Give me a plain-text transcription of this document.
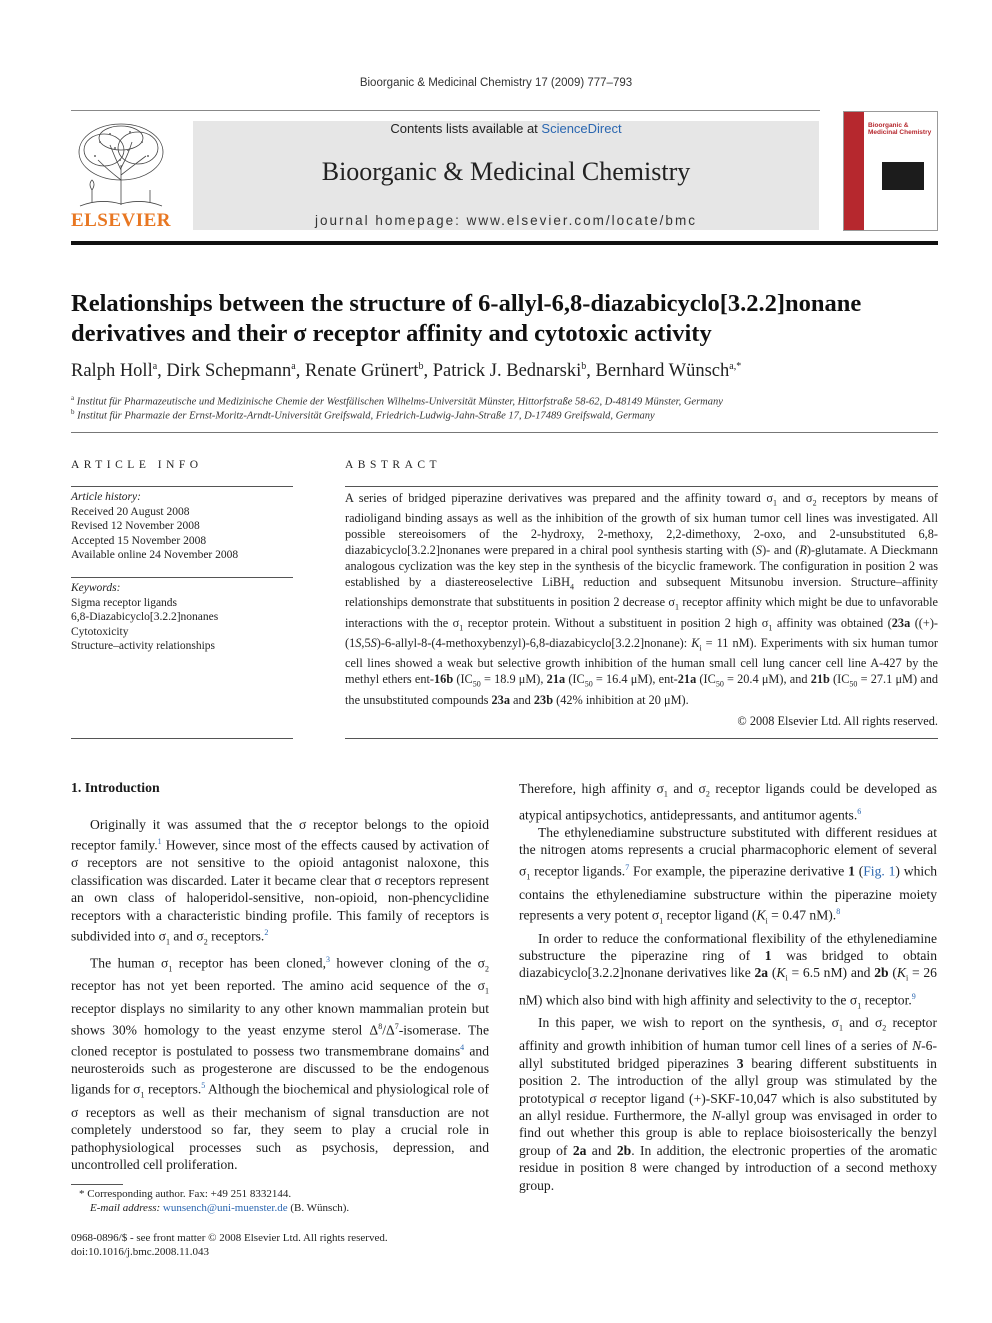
Bioorganic & Medicinal Chemistry 17 (2009) 777–793
ELSEVIER
Contents lists available at ScienceDirect
Bioorganic & Medicinal Chemistry
journal homepage: www.elsevier.com/locate/bmc
Bioorganic & Medicinal Chemistry
Relationships between the structure of 6-allyl-6,8-diazabicyclo[3.2.2]nonane derivatives and their σ receptor affinity and cytotoxic activity
Ralph Holl$^a$, Dirk Schepmann$^a$, Renate Grünert$^b$, Patrick J. Bednarski$^b$, Bernhard Wünsch$^{a,*}$
$^a$ Institut für Pharmazeutische und Medizinische Chemie der Westfälischen Wilhelms-Universität Münster, Hittorfstraße 58-62, D-48149 Münster, Germany
$^b$ Institut für Pharmazie der Ernst-Moritz-Arndt-Universität Greifswald, Friedrich-Ludwig-Jahn-Straße 17, D-17489 Greifswald, Germany
ARTICLE INFO	ABSTRACT
Article history:
Received 20 August 2008
Revised 12 November 2008
Accepted 15 November 2008
Available online 24 November 2008
Keywords:
Sigma receptor ligands
6,8-Diazabicyclo[3.2.2]nonanes
Cytotoxicity
Structure–activity relationships
A series of bridged piperazine derivatives was prepared and the affinity toward $\sigma_1$ and $\sigma_2$ receptors by means of radioligand binding assays as well as the inhibition of the growth of six human tumor cell lines was investigated. All possible stereoisomers of the 2-hydroxy, 2-methoxy, 2,2-dimethoxy, 2-oxo, and 2-unsubstituted 6,8-diazabicyclo[3.2.2]nonanes were prepared in a chiral pool synthesis starting with (S)- and (R)-glutamate. A Dieckmann analogous cyclization was the key step in the synthesis of the bicyclic framework. The configuration in position 2 was established by a diastereoselective LiBH$_4$ reduction and subsequent Mitsunobu inversion. Structure–affinity relationships demonstrate that substituents in position 2 decrease $\sigma_1$ receptor affinity which might be due to unfavorable interactions with the $\sigma_1$ receptor protein. Without a substituent in position 2 high $\sigma_1$ affinity was obtained (23a ((+)-(1S,5S)-6-allyl-8-(4-methoxybenzyl)-6,8-diazabicyclo[3.2.2]nonane): $K_i = 11$ nM). Experiments with six human tumor cell lines showed a weak but selective growth inhibition of the human small cell lung cancer cell line A-427 by the methyl ethers ent-16b ($IC_{50} = 18.9$ μM), 21a ($IC_{50} = 16.4$ μM), ent-21a ($IC_{50} = 20.4$ μM), and 21b ($IC_{50} = 27.1$ μM) and the unsubstituted compounds 23a and 23b (42% inhibition at 20 μM).
© 2008 Elsevier Ltd. All rights reserved.
1. Introduction

Originally it was assumed that the σ receptor belongs to the opioid receptor family.$^1$ However, since most of the effects caused by activation of σ receptors are not sensitive to the opioid antagonist naloxone, this classification was discarded. Later it became clear that σ receptors represent an own class of haloperidol-sensitive, non-opioid, non-phencyclidine receptors with a characteristic binding profile. This family of receptors is subdivided into $\sigma_1$ and $\sigma_2$ receptors.$^2$

The human $\sigma_1$ receptor has been cloned,$^3$ however cloning of the $\sigma_2$ receptor has not yet been reported. The amino acid sequence of the $\sigma_1$ receptor displays no similarity to any other known mammalian protein but shows 30% homology to the yeast enzyme sterol $\Delta^8/\Delta^7$-isomerase. The cloned receptor is postulated to possess two transmembrane domains$^4$ and neurosteroids such as progesterone are discussed to be the endogenous ligands for $\sigma_1$ receptors.$^5$ Although the biochemical and physiological role of σ receptors as well as their mechanism of signal transduction are not completely understood so far, they seem to play a crucial role in pathophysiological processes such as psychosis, depression, and uncontrolled cell proliferation.

Therefore, high affinity $\sigma_1$ and $\sigma_2$ receptor ligands could be developed as atypical antipsychotics, antidepressants, and antitumor agents.$^6$

The ethylenediamine substructure substituted with different residues at the nitrogen atoms represents a crucial pharmacophoric element of several $\sigma_1$ receptor ligands.$^7$ For example, the piperazine derivative 1 (Fig. 1) which contains the ethylenediamine substructure within the piperazine moiety represents a very potent $\sigma_1$ receptor ligand ($K_i = 0.47$ nM).$^8$

In order to reduce the conformational flexibility of the ethylenediamine substructure the piperazine ring of 1 was bridged to obtain diazabicyclo[3.2.2]nonane derivatives like 2a ($K_i = 6.5$ nM) and 2b ($K_i = 26$ nM) which also bind with high affinity and selectivity to the $\sigma_1$ receptor.$^9$

In this paper, we wish to report on the synthesis, $\sigma_1$ and $\sigma_2$ receptor affinity and growth inhibition of human tumor cell lines of a series of N-6-allyl substituted bridged piperazines 3 bearing different substituents in position 2. The introduction of the allyl group was stimulated by the prototypical σ receptor ligand (+)-SKF-10,047 which is also substituted by an allyl residue. Furthermore, the N-allyl group was envisaged in order to find out whether this group is able to replace bioisosterically the benzyl group of 2a and 2b. In addition, the electronic properties of the aromatic residue in position 8 were changed by introduction of a second methoxy group.

* Corresponding author. Fax: +49 251 8332144.
E-mail address: wunsench@uni-muenster.de (B. Wünsch).
0968-0896/$ - see front matter © 2008 Elsevier Ltd. All rights reserved.
doi:10.1016/j.bmc.2008.11.043
